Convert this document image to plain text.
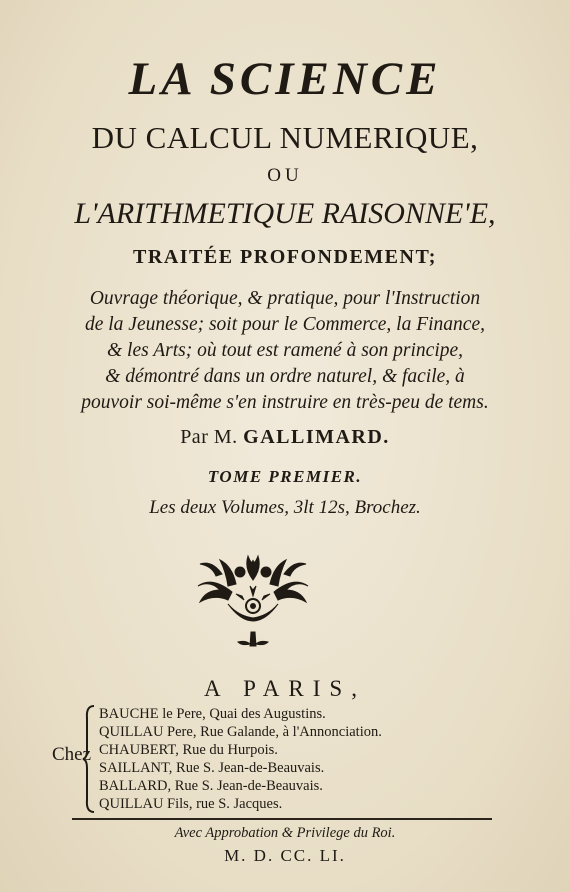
LA SCIENCE
DU CALCUL NUMERIQUE,
OU
L'ARITHMETIQUE RAISONNE'E,
TRAITÉE PROFONDEMENT;
Ouvrage théorique, & pratique, pour l'Instruction
de la Jeunesse; soit pour le Commerce, la Finance,
& les Arts; où tout est ramené à son principe,
& démontré dans un ordre naturel, & facile, à
pouvoir soi-même s'en instruire en très-peu de tems.
Par M. GALLIMARD.
TOME PREMIER.
Les deux Volumes, 3lt 12s, Brochez.
A PARIS,
Chez
BAUCHE le Pere, Quai des Augustins.
QUILLAU Pere, Rue Galande, à l'Annonciation.
CHAUBERT, Rue du Hurpois.
SAILLANT, Rue S. Jean-de-Beauvais.
BALLARD, Rue S. Jean-de-Beauvais.
QUILLAU Fils, rue S. Jacques.
Avec Approbation & Privilege du Roi.
M. D. CC. LI.
